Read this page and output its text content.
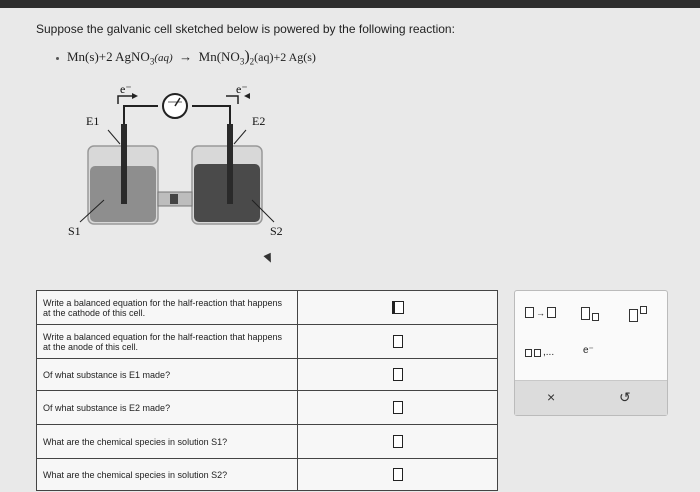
Suppose the galvanic cell sketched below is powered by the following reaction:
Mn(s)+2 AgNO$_3$(aq) → $Mn(NO_3)_2(aq)+2$ Ag(s)
e⁻	e⁻
E1	E2
S1	S2
Write a balanced equation for the half-reaction that happens at the cathode of this cell.	
Write a balanced equation for the half-reaction that happens at the anode of this cell.	
Of what substance is E1 made?	
Of what substance is E2 made?	
What are the chemical species in solution S1?	
What are the chemical species in solution S2?	
→
,...	e⁻
×	↺
